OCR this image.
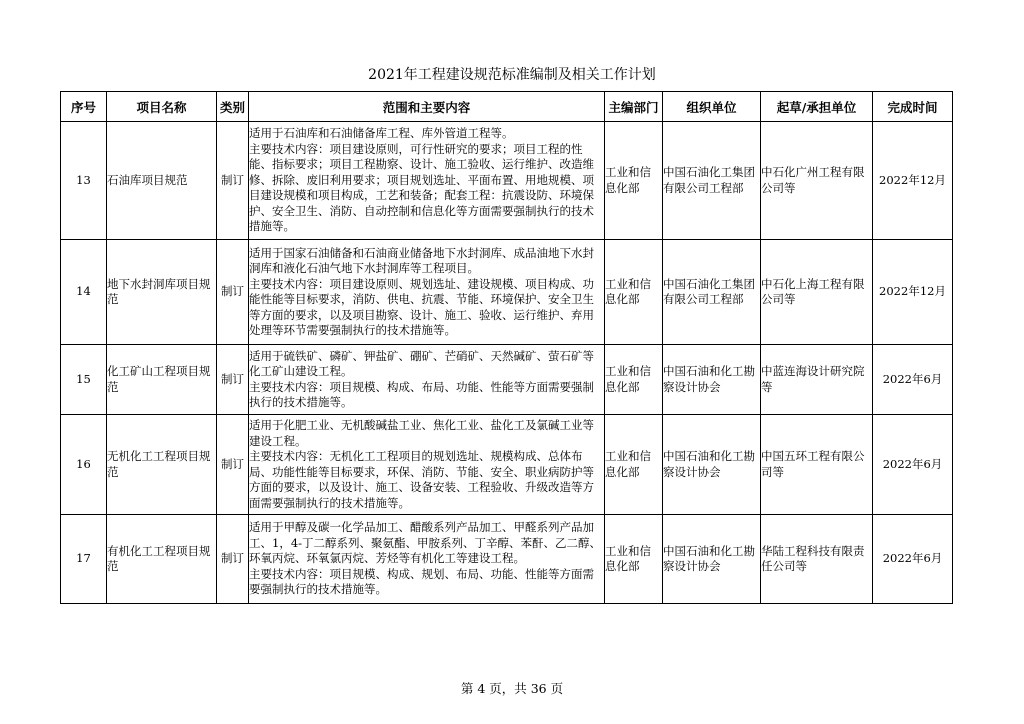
2021年工程建设规范标准编制及相关工作计划
序号	项目名称	类别	范围和主要内容	主编部门	组织单位	起草/承担单位	完成时间
13	石油库项目规范	制订	适用于石油库和石油储备库工程、库外管道工程等。
主要技术内容：项目建设原则，可行性研究的要求；项目工程的性能、指标要求；项目工程勘察、设计、施工验收、运行维护、改造维修、拆除、废旧利用要求；项目规划选址、平面布置、用地规模、项目建设规模和项目构成，工艺和装备；配套工程：抗震设防、环境保护、安全卫生、消防、自动控制和信息化等方面需要强制执行的技术措施等。	工业和信息化部	中国石油化工集团有限公司工程部	中石化广州工程有限公司等	2022年12月
14	地下水封洞库项目规范	制订	适用于国家石油储备和石油商业储备地下水封洞库、成品油地下水封洞库和液化石油气地下水封洞库等工程项目。
主要技术内容：项目建设原则、规划选址、建设规模、项目构成、功能性能等目标要求，消防、供电、抗震、节能、环境保护、安全卫生等方面的要求，以及项目勘察、设计、施工、验收、运行维护、弃用处理等环节需要强制执行的技术措施等。	工业和信息化部	中国石油化工集团有限公司工程部	中石化上海工程有限公司等	2022年12月
15	化工矿山工程项目规范	制订	适用于硫铁矿、磷矿、钾盐矿、硼矿、芒硝矿、天然碱矿、萤石矿等化工矿山建设工程。
主要技术内容：项目规模、构成、布局、功能、性能等方面需要强制执行的技术措施等。	工业和信息化部	中国石油和化工勘察设计协会	中蓝连海设计研究院等	2022年6月
16	无机化工工程项目规范	制订	适用于化肥工业、无机酸碱盐工业、焦化工业、盐化工及氯碱工业等建设工程。
主要技术内容：无机化工工程项目的规划选址、规模构成、总体布局、功能性能等目标要求，环保、消防、节能、安全、职业病防护等方面的要求，以及设计、施工、设备安装、工程验收、升级改造等方面需要强制执行的技术措施等。	工业和信息化部	中国石油和化工勘察设计协会	中国五环工程有限公司等	2022年6月
17	有机化工工程项目规范	制订	适用于甲醇及碳一化学品加工、醋酸系列产品加工、甲醛系列产品加工、1，4-丁二醇系列、聚氨酯、甲胺系列、丁辛醇、苯酐、乙二醇、环氧丙烷、环氧氯丙烷、芳烃等有机化工等建设工程。
主要技术内容：项目规模、构成、规划、布局、功能、性能等方面需要强制执行的技术措施等。	工业和信息化部	中国石油和化工勘察设计协会	华陆工程科技有限责任公司等	2022年6月
第 4 页，共 36 页
